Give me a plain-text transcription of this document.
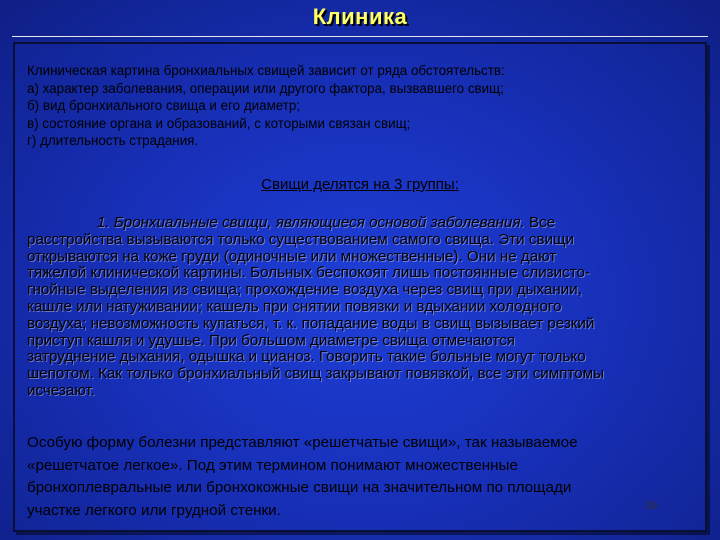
Клиника
Клиническая картина бронхиальных свищей зависит от ряда обстоятельств:
а) характер заболевания, операции или другого фактора, вызвавшего свищ;
б) вид бронхиального свища и его диаметр;
в) состояние органа и образований, с которыми связан свищ;
г) длительность страдания.
Свищи делятся на 3 группы:
1. Бронхиальные свищи, являющиеся основой заболевания. Все
расстройства вызываются только существованием самого свища. Эти свищи
открываются на коже груди (одиночные или множественные). Они не дают
тяжелой клинической картины. Больных беспокоят лишь постоянные слизисто-
гнойные выделения из свища; прохождение воздуха через свищ при дыхании,
кашле или натуживании; кашель при снятии повязки и вдыхании холодного
воздуха; невозможность купаться, т. к. попадание воды в свищ вызывает резкий
приступ кашля и удушье. При большом диаметре свища отмечаются
затруднение дыхания, одышка и цианоз. Говорить такие больные могут только
шепотом. Как только бронхиальный свищ закрывают повязкой, все эти симптомы
исчезают.
Особую форму болезни представляют «решетчатые свищи», так называемое
«решетчатое легкое». Под этим термином понимают множественные
бронхоплевральные или бронхокожные свищи на значительном по площади
участке легкого или грудной стенки.	39
